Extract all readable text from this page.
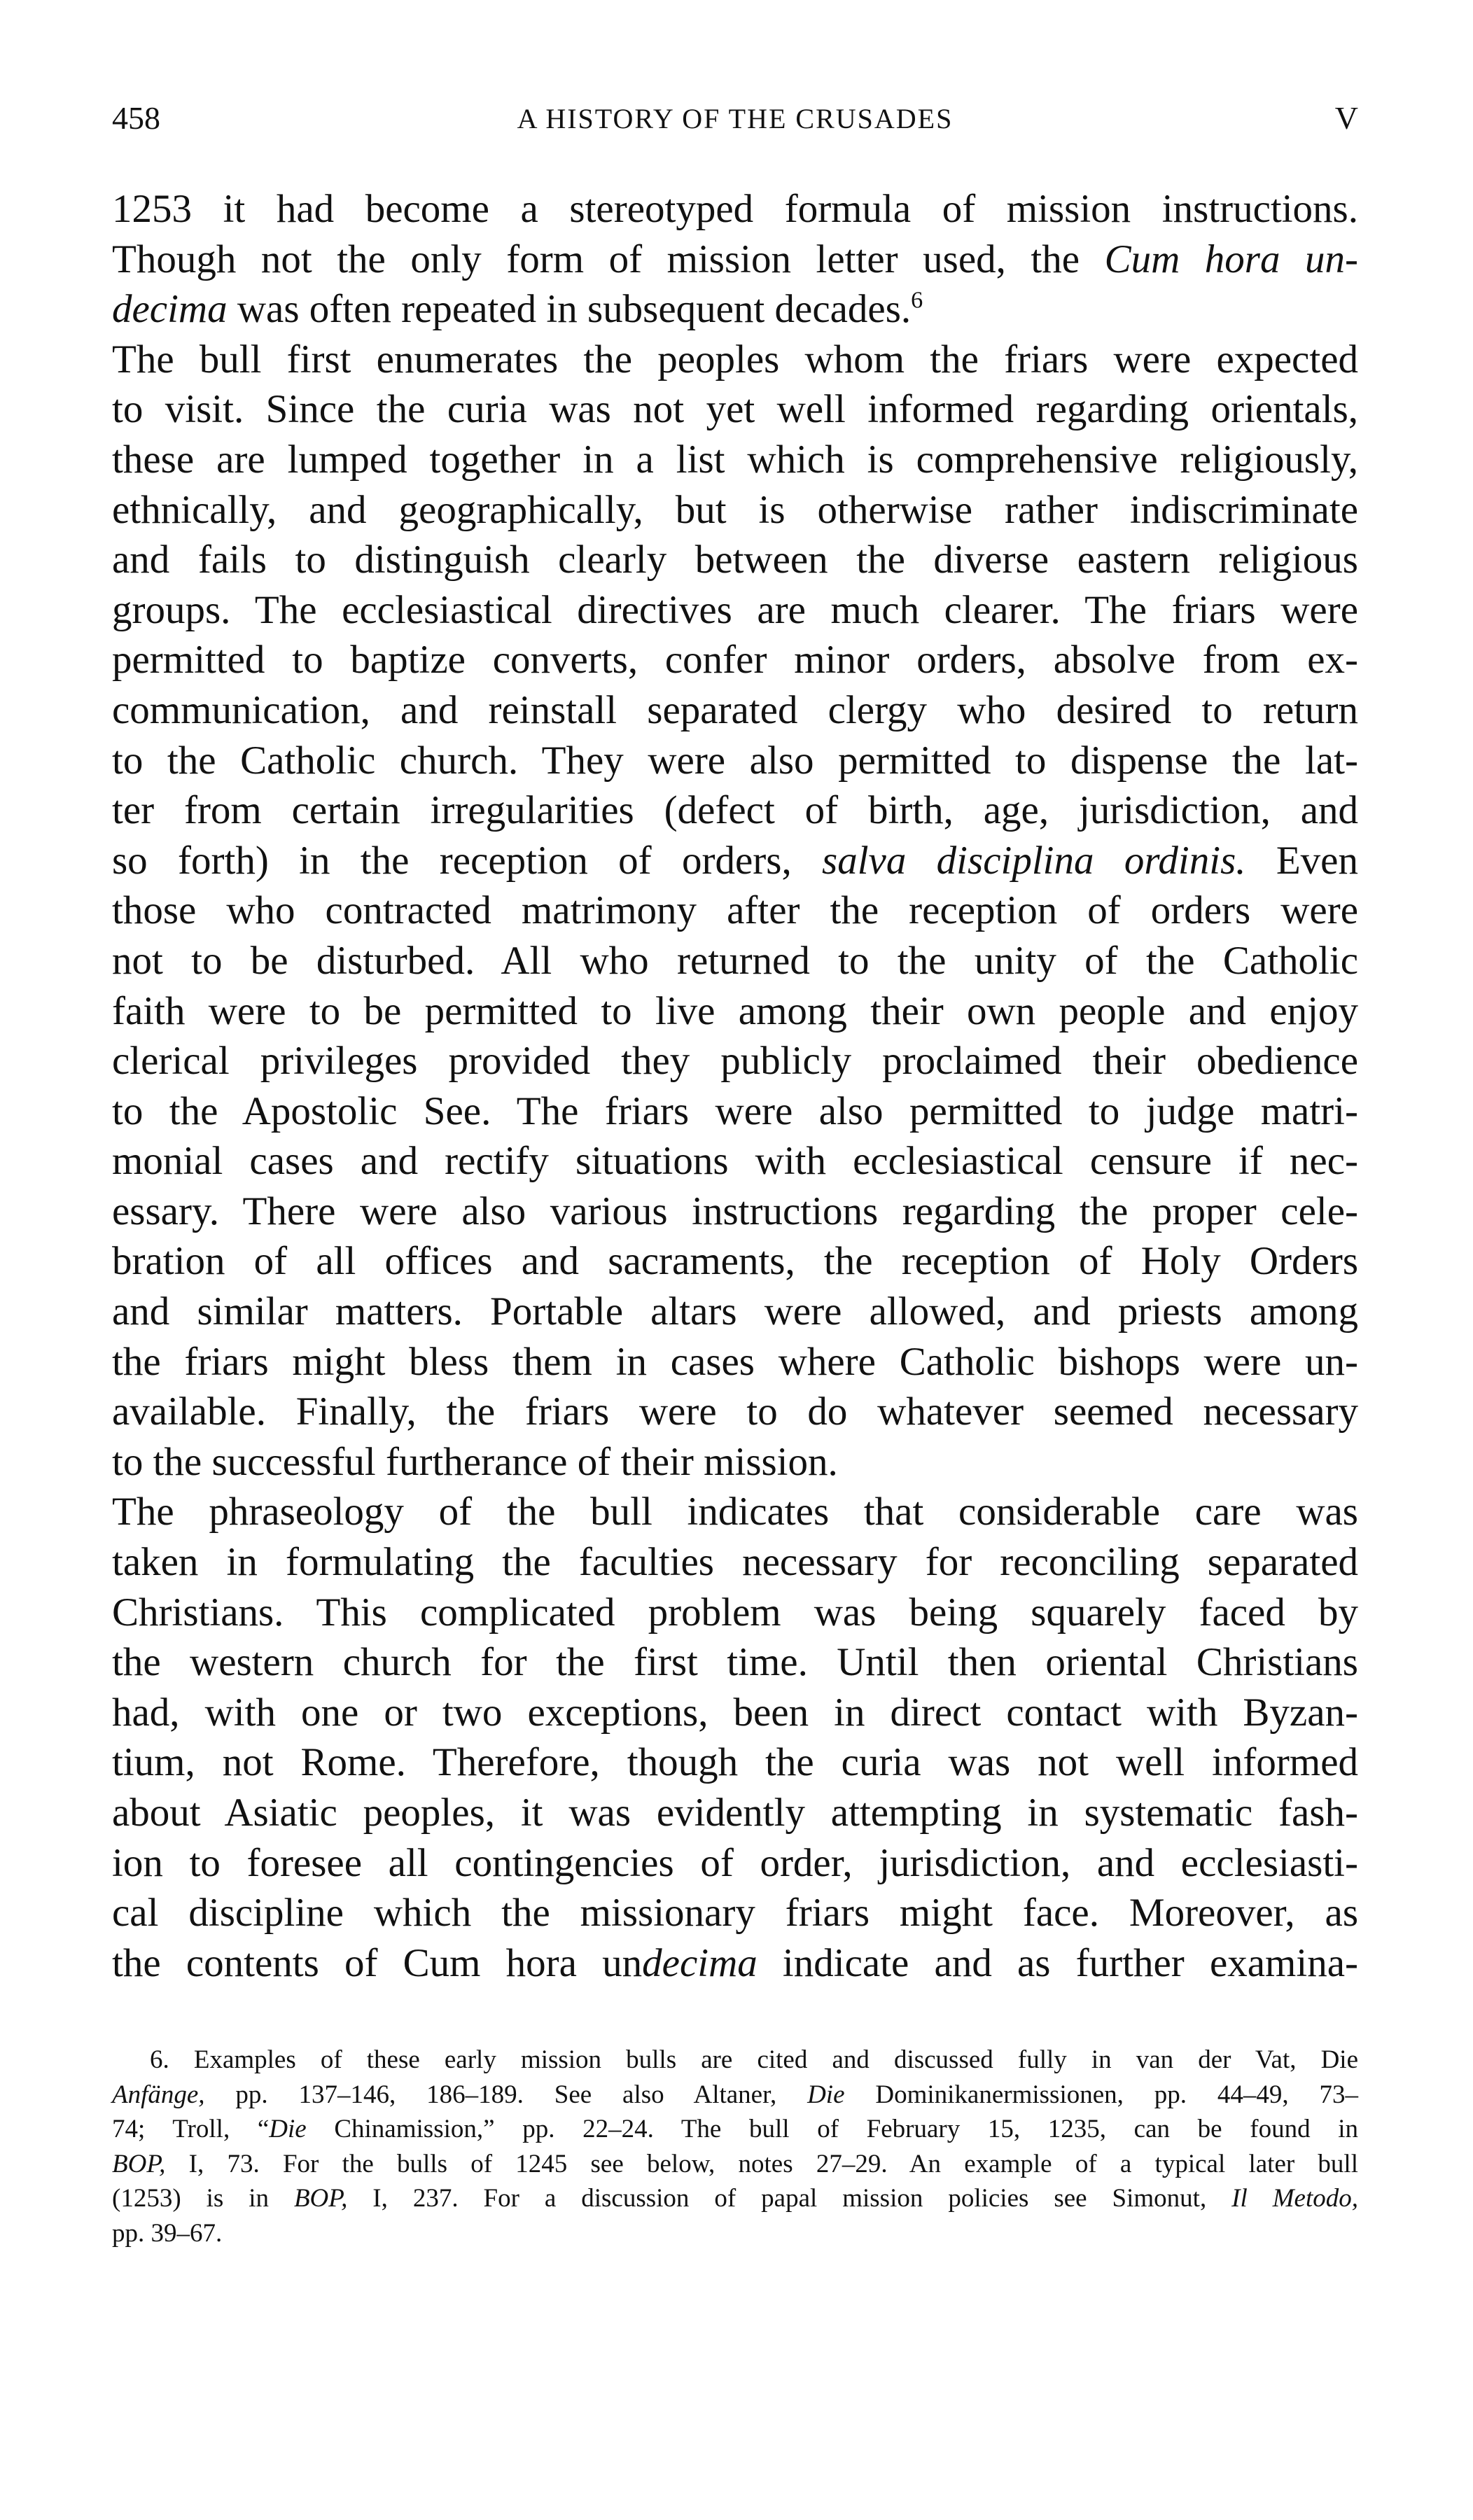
458	A HISTORY OF THE CRUSADES	V

1253 it had become a stereotyped formula of mission instructions.
Though not the only form of mission letter used, the Cum hora un-
decima was often repeated in subsequent decades.$^6$

The bull first enumerates the peoples whom the friars were expected
to visit. Since the curia was not yet well informed regarding orientals,
these are lumped together in a list which is comprehensive religiously,
ethnically, and geographically, but is otherwise rather indiscriminate
and fails to distinguish clearly between the diverse eastern religious
groups. The ecclesiastical directives are much clearer. The friars were
permitted to baptize converts, confer minor orders, absolve from ex-
communication, and reinstall separated clergy who desired to return
to the Catholic church. They were also permitted to dispense the lat-
ter from certain irregularities (defect of birth, age, jurisdiction, and
so forth) in the reception of orders, salva disciplina ordinis. Even
those who contracted matrimony after the reception of orders were
not to be disturbed. All who returned to the unity of the Catholic
faith were to be permitted to live among their own people and enjoy
clerical privileges provided they publicly proclaimed their obedience
to the Apostolic See. The friars were also permitted to judge matri-
monial cases and rectify situations with ecclesiastical censure if nec-
essary. There were also various instructions regarding the proper cele-
bration of all offices and sacraments, the reception of Holy Orders
and similar matters. Portable altars were allowed, and priests among
the friars might bless them in cases where Catholic bishops were un-
available. Finally, the friars were to do whatever seemed necessary
to the successful furtherance of their mission.

The phraseology of the bull indicates that considerable care was
taken in formulating the faculties necessary for reconciling separated
Christians. This complicated problem was being squarely faced by
the western church for the first time. Until then oriental Christians
had, with one or two exceptions, been in direct contact with Byzan-
tium, not Rome. Therefore, though the curia was not well informed
about Asiatic peoples, it was evidently attempting in systematic fash-
ion to foresee all contingencies of order, jurisdiction, and ecclesiasti-
cal discipline which the missionary friars might face. Moreover, as
the contents of Cum hora undecima indicate and as further examina-

6. Examples of these early mission bulls are cited and discussed fully in van der Vat, Die
Anfänge, pp. 137–146, 186–189. See also Altaner, Die Dominikanermissionen, pp. 44–49, 73–
74; Troll, “Die Chinamission,” pp. 22–24. The bull of February 15, 1235, can be found in
BOP, I, 73. For the bulls of 1245 see below, notes 27–29. An example of a typical later bull
(1253) is in BOP, I, 237. For a discussion of papal mission policies see Simonut, Il Metodo,
pp. 39–67.
